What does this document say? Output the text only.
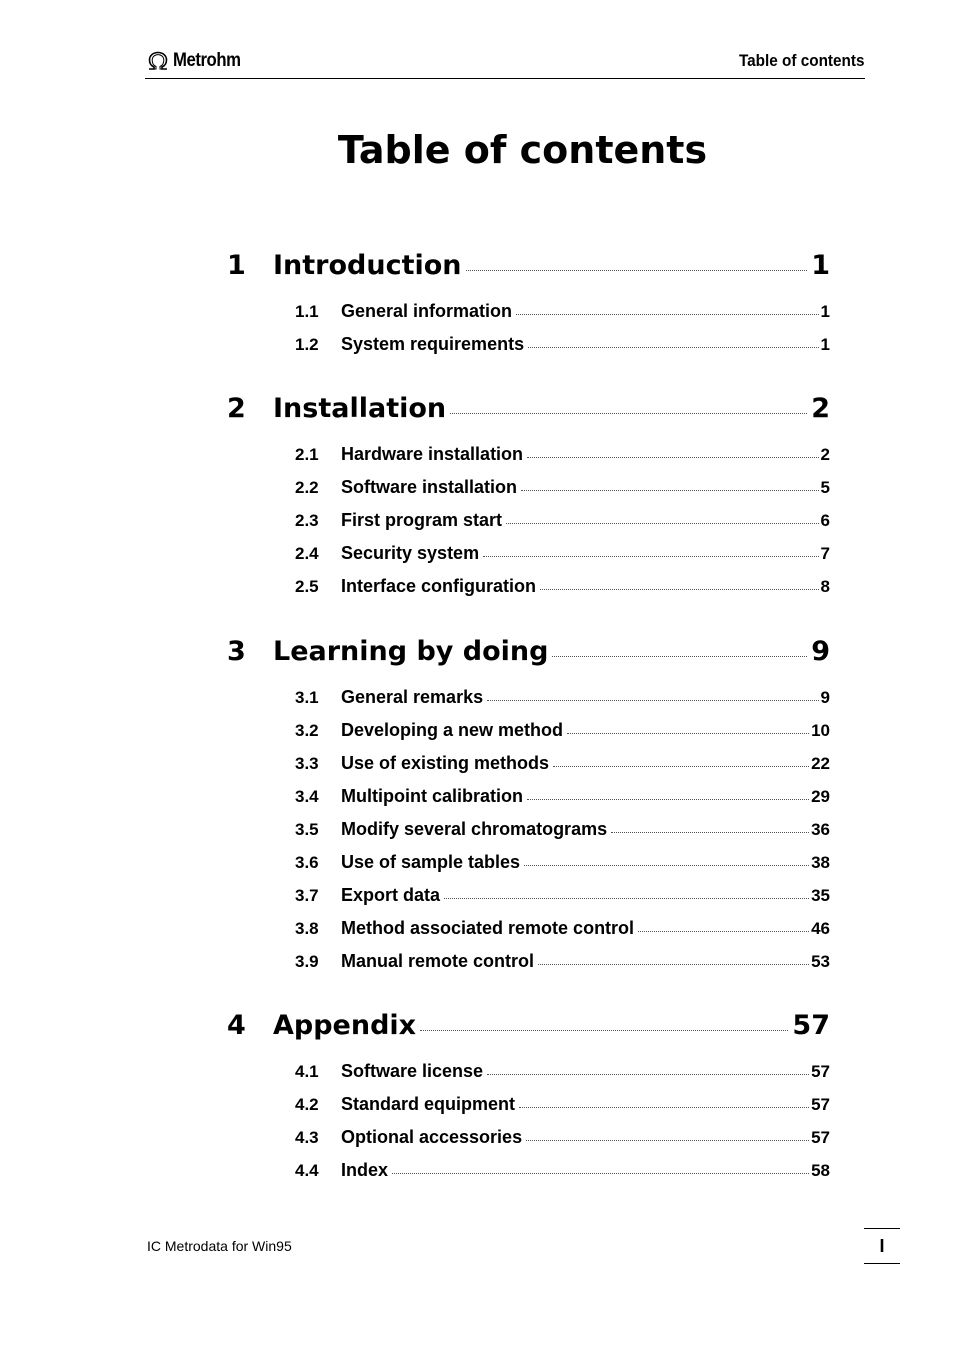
Metrohm	Table of contents
Table of contents
1	Introduction	1
1.1	General information	1
1.2	System requirements	1
2	Installation	2
2.1	Hardware installation	2
2.2	Software installation	5
2.3	First program start	6
2.4	Security system	7
2.5	Interface configuration	8
3	Learning by doing	9
3.1	General remarks	9
3.2	Developing a new method	10
3.3	Use of existing methods	22
3.4	Multipoint calibration	29
3.5	Modify several chromatograms	36
3.6	Use of sample tables	38
3.7	Export data	35
3.8	Method associated remote control	46
3.9	Manual remote control	53
4	Appendix	57
4.1	Software license	57
4.2	Standard equipment	57
4.3	Optional accessories	57
4.4	Index	58
IC Metrodata for Win95	I
